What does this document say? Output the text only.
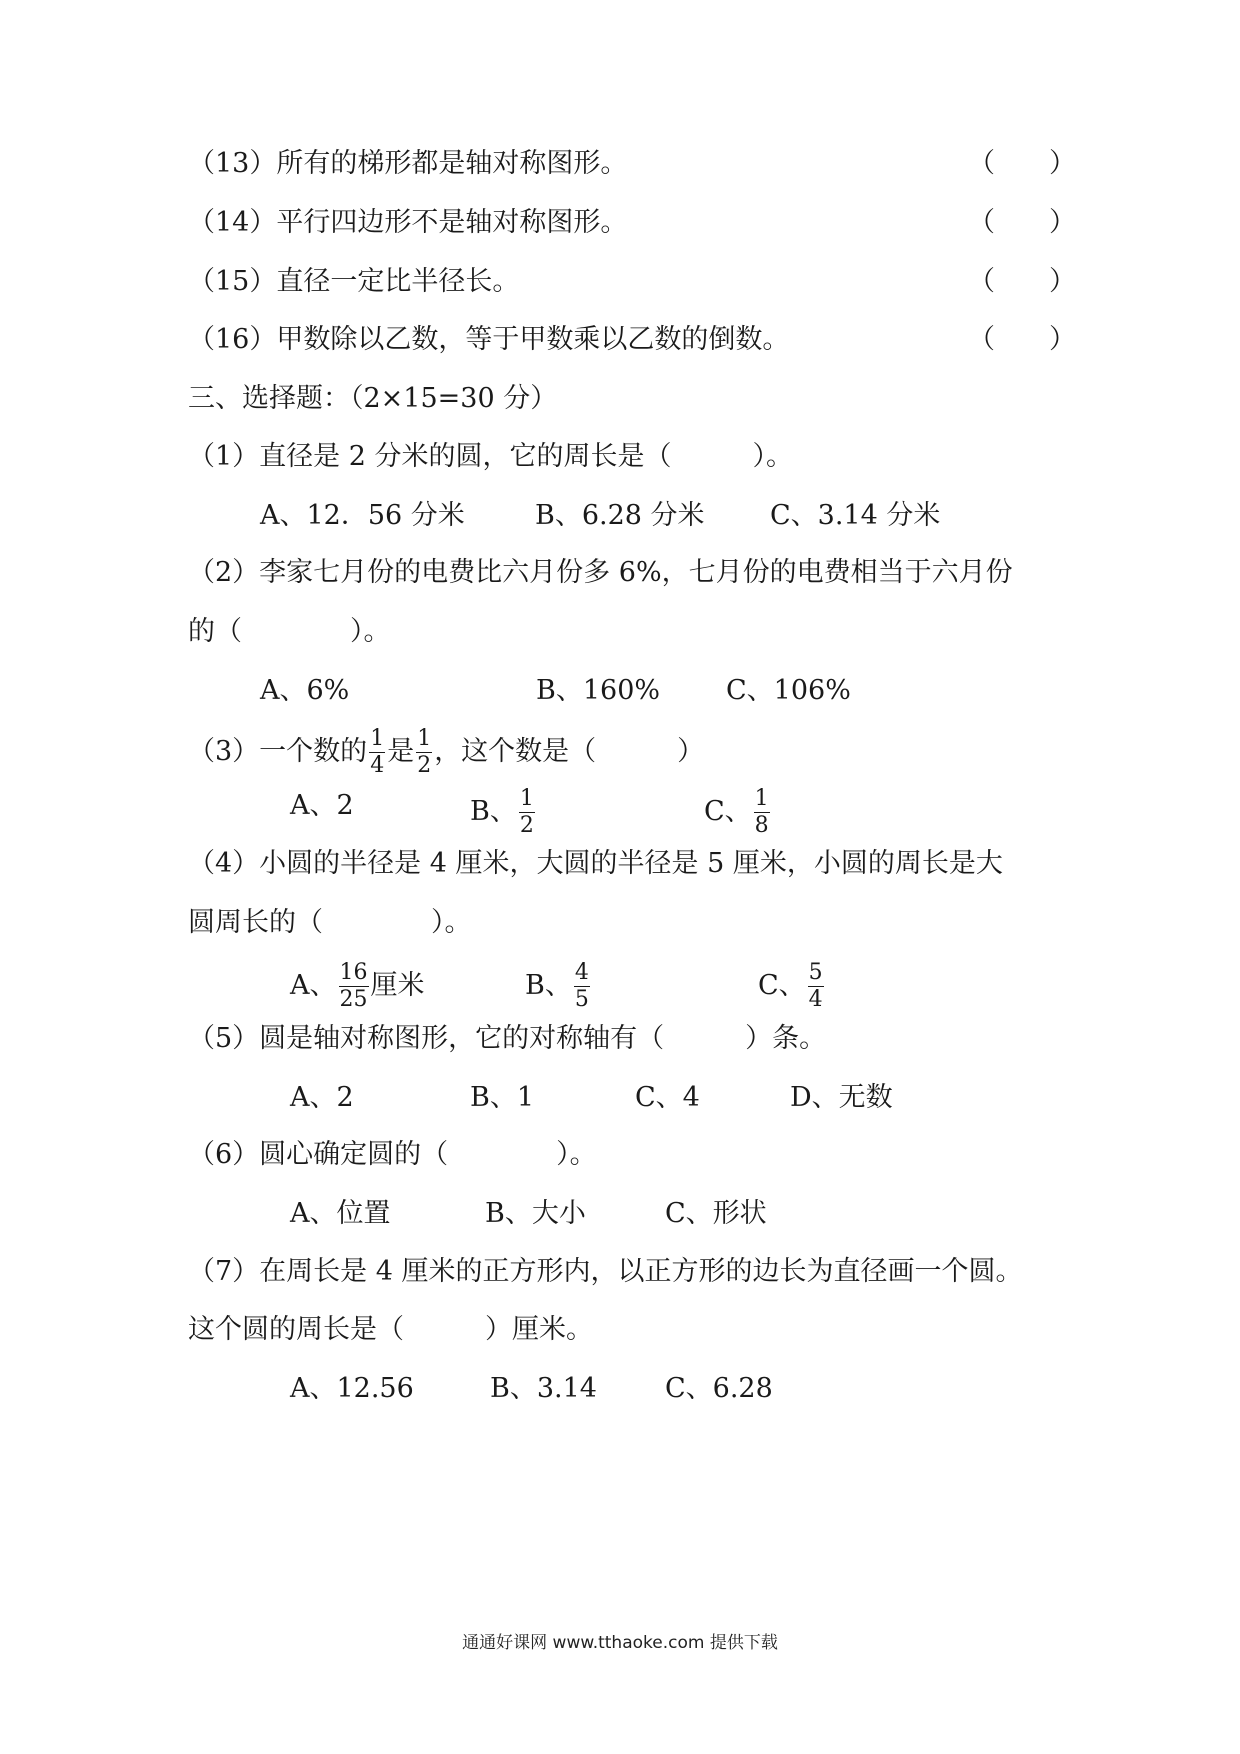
（13）所有的梯形都是轴对称图形。	（　　）
（14）平行四边形不是轴对称图形。	（　　）
（15）直径一定比半径长。	（　　）
（16）甲数除以乙数，等于甲数乘以乙数的倒数。	（　　）
三、选择题：（2×15=30 分）
（1）直径是 2 分米的圆，它的周长是（　　　）。
A、12．56 分米	B、6.28 分米 C、3.14 分米
（2）李家七月份的电费比六月份多 6%，七月份的电费相当于六月份
的（　　　　）。
A、6%	B、160% C、106%
（3）一个数的 $\frac{1}{4}$ 是 $\frac{1}{2}$ ，这个数是（　　　）
A、2	B、 $\frac{1}{2}$	C、 $\frac{1}{8}$
（4）小圆的半径是 4 厘米，大圆的半径是 5 厘米，小圆的周长是大
圆周长的（　　　　）。
A、 $\frac{16}{25}$ 厘米	B、 $\frac{4}{5}$	C、 $\frac{5}{4}$
（5）圆是轴对称图形，它的对称轴有（　　　）条。
A、2	B、1	C、4	D、无数
（6）圆心确定圆的（　　　　）。
A、位置	B、大小	C、形状
（7）在周长是 4 厘米的正方形内，以正方形的边长为直径画一个圆。
这个圆的周长是（　　　）厘米。
A、12.56	B、3.14	C、6.28
通通好课网 www.tthaoke.com 提供下载
